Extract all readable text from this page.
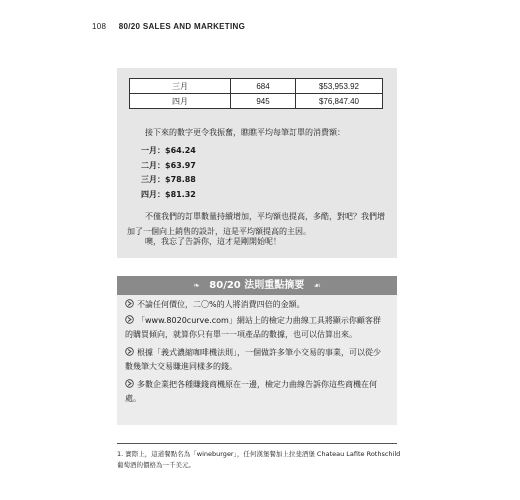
108 80/20 SALES AND MARKETING
三月	684	$53,953.92
四月	945	$76,847.40
接下來的數字更令我振奮，瞧瞧平均每筆訂單的消費額：
一月：$64.24
二月：$63.97
三月：$78.88
四月：$81.32
不僅我們的訂單數量持續增加，平均額也提高，多酷，對吧？我們增加了一個向上銷售的設計，這是平均額提高的主因。
噢，我忘了告訴你，這才是剛開始呢！
❧ 80/20 法則重點摘要 ☙
不論任何價位，二〇%的人將消費四倍的金額。
「www.8020curve.com」網站上的檢定力曲線工具將顯示你顧客群的購買傾向，就算你只有單一一項產品的數據，也可以估算出來。
根據「義式濃縮咖啡機法則」，一個做許多筆小交易的事業，可以從少數幾筆大交易賺進同樣多的錢。
多數企業把各種賺錢商機原在一邊，檢定力曲線告訴你這些商機在何處。
1. 實際上，這道餐點名為「wineburger」，任何漢堡餐加上拉斐酒堡 Chateau Lafite Rothschild 葡萄酒的價格為一千美元。
